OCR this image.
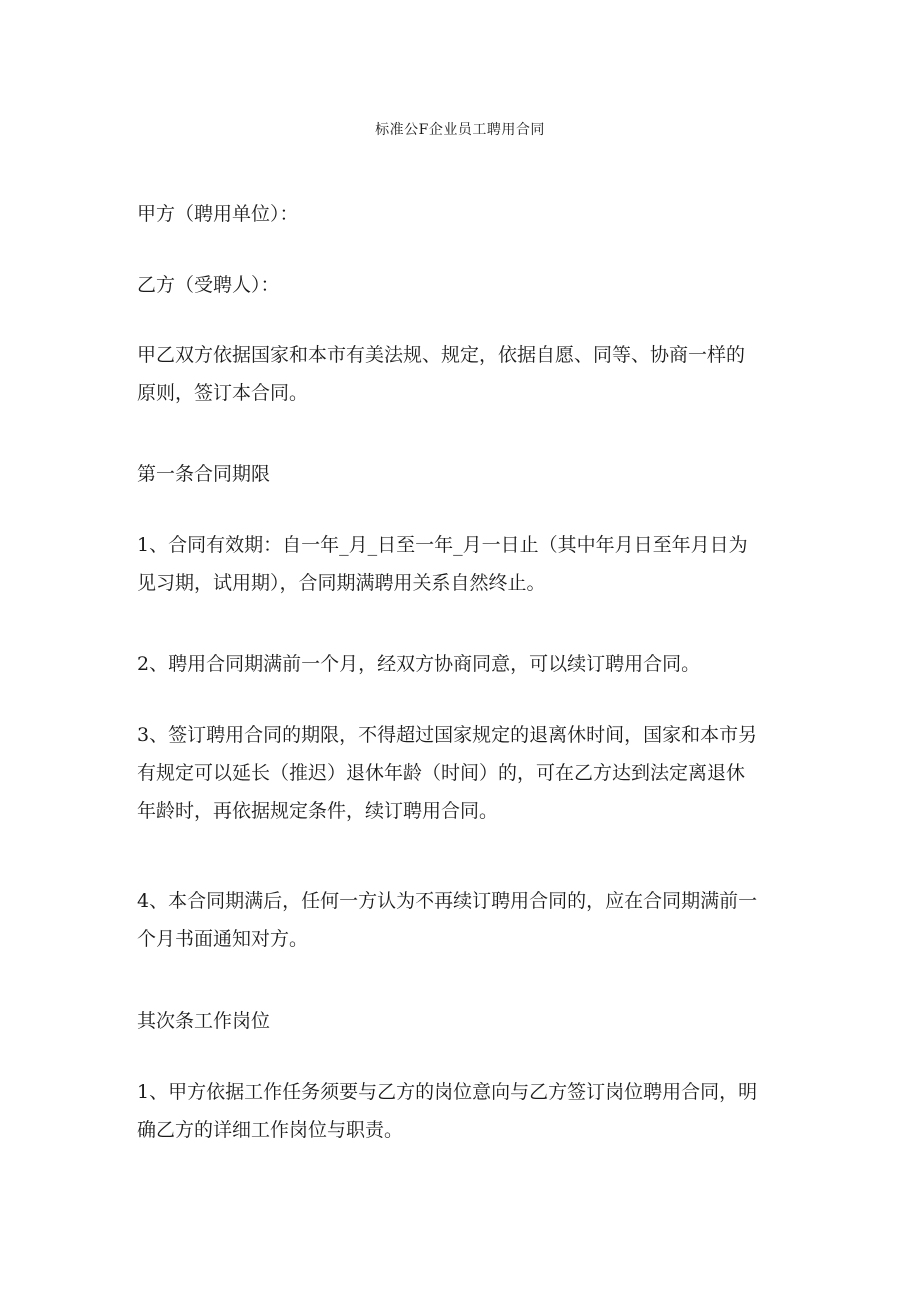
标准公F企业员工聘用合同
甲方（聘用单位）：
乙方（受聘人）：
甲乙双方依据国家和本市有美法规、规定，依据自愿、同等、协商一样的
原则，签订本合同。
第一条合同期限
1、合同有效期：自一年_月_日至一年_月一日止（其中年月日至年月日为
见习期，试用期），合同期满聘用关系自然终止。
2、聘用合同期满前一个月，经双方协商同意，可以续订聘用合同。
3、签订聘用合同的期限，不得超过国家规定的退离休时间，国家和本市另
有规定可以延长（推迟）退休年龄（时间）的，可在乙方达到法定离退休
年龄时，再依据规定条件，续订聘用合同。
4、本合同期满后，任何一方认为不再续订聘用合同的，应在合同期满前一
个月书面通知对方。
其次条工作岗位
1、甲方依据工作任务须要与乙方的岗位意向与乙方签订岗位聘用合同，明
确乙方的详细工作岗位与职责。
